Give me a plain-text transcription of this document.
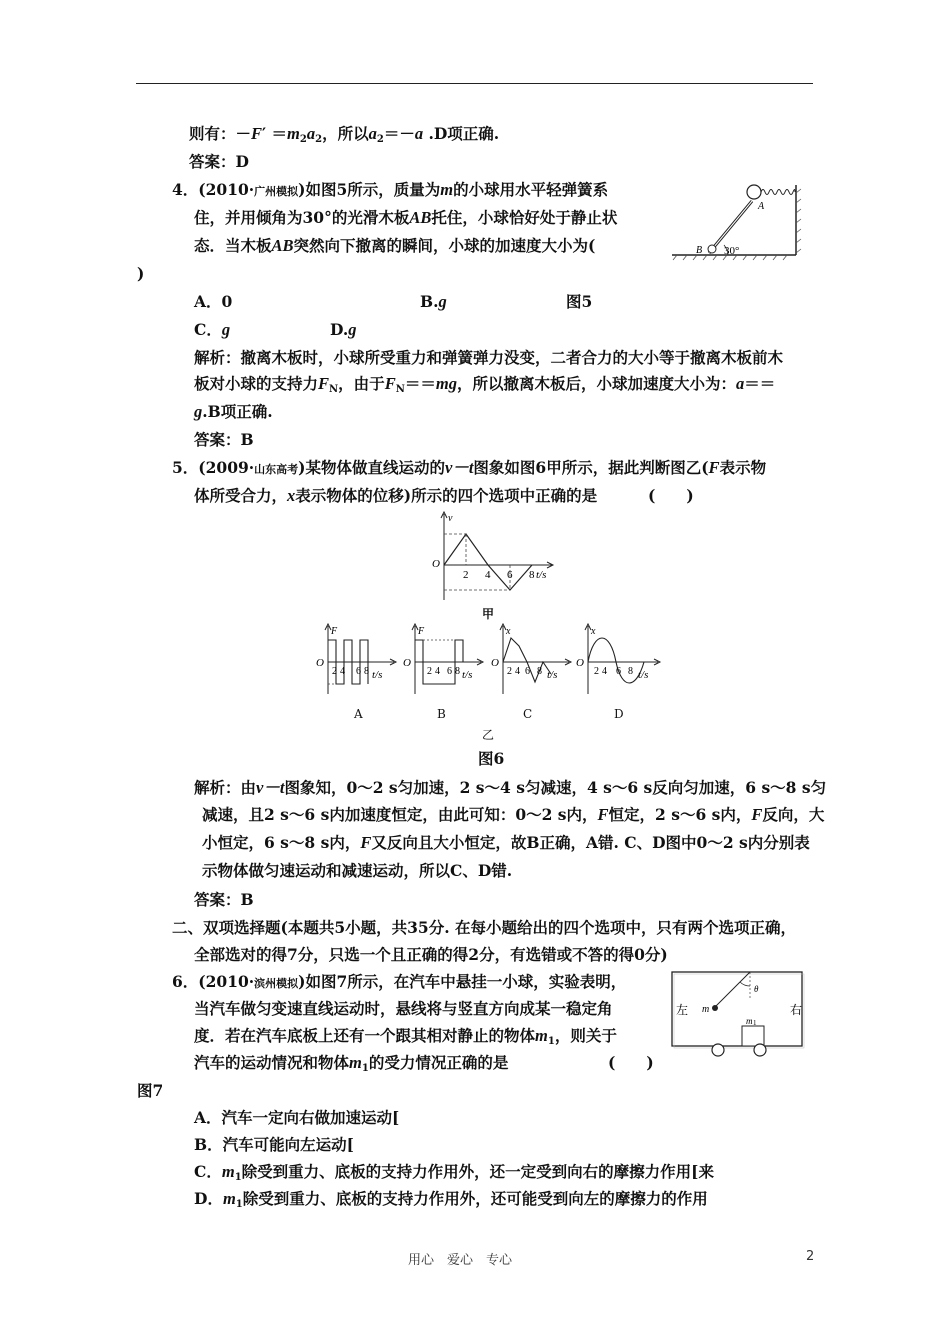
则有：$-F' =m_2a_2$，所以$a_2=-a$ .D项正确.
答案：D
4．(2010·广州模拟)如图5所示，质量为m的小球用水平轻弹簧系
住，并用倾角为30°的光滑木板AB托住，小球恰好处于静止状
态．当木板AB突然向下撤离的瞬间，小球的加速度大小为(
)
A
B 30°
A．0	B.g	图5
C．g	D.g
解析：撤离木板时，小球所受重力和弹簧弹力没变，二者合力的大小等于撤离木板前木
板对小球的支持力$F_N$，由于$F_N==mg$，所以撤离木板后，小球加速度大小为：a＝＝
g.B项正确.
答案：B
5．(2009·山东高考)某物体做直线运动的v－t图象如图6甲所示，据此判断图乙(F表示物
体所受合力，x表示物体的位移)所示的四个选项中正确的是	(　　)
v
O
2 4 6 8 t/s
甲
F
O
2 4 6 8 t/s
F
O
2 4 6 8 t/s
x
O
2 4 6 8 t/s
x
O
2 4 6 8 t/s
A	B	C	D
乙
图6
解析：由v－t图象知，0～2 s匀加速，2 s～4 s匀减速，4 s～6 s反向匀加速，6 s～8 s匀
减速，且2 s～6 s内加速度恒定，由此可知：0～2 s内，F恒定，2 s～6 s内，F反向，大
小恒定，6 s～8 s内，F又反向且大小恒定，故B正确，A错. C、D图中0～2 s内分别表
示物体做匀速运动和减速运动，所以C、D错.
答案：B
二、双项选择题(本题共5小题，共35分. 在每小题给出的四个选项中，只有两个选项正确，
全部选对的得7分，只选一个且正确的得2分，有选错或不答的得0分)
6．(2010·滨州模拟)如图7所示，在汽车中悬挂一小球，实验表明，
当汽车做匀变速直线运动时，悬线将与竖直方向成某一稳定角
度．若在汽车底板上还有一个跟其相对静止的物体$m_1$，则关于
汽车的运动情况和物体$m_1$的受力情况正确的是	(　　)
图7
左	右
m
θ
m 1
A．汽车一定向右做加速运动[
B．汽车可能向左运动[
C．$m_1$除受到重力、底板的支持力作用外，还一定受到向右的摩擦力作用[来
D．$m_1$除受到重力、底板的支持力作用外，还可能受到向左的摩擦力的作用
用心　爱心　专心	2
